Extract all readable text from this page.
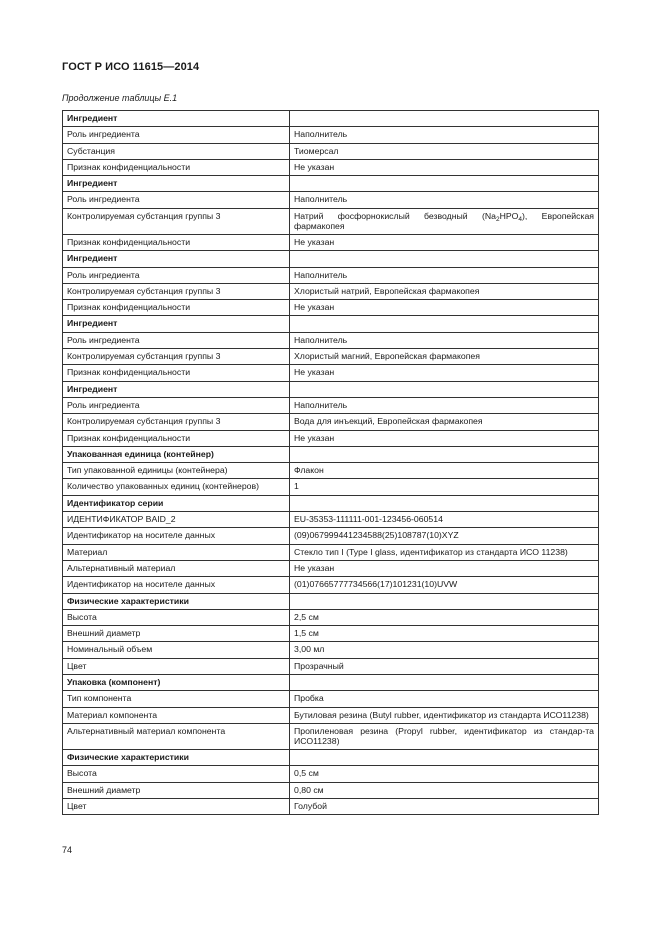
ГОСТ Р ИСО 11615—2014
Продолжение таблицы Е.1
Ингредиент	
Роль ингредиента	Наполнитель
Субстанция	Тиомерсал
Признак конфиденциальности	Не указан
Ингредиент	
Роль ингредиента	Наполнитель
Контролируемая субстанция группы 3	Натрий фосфорнокислый безводный $(Na_2HPO_4)$, Европейская фармакопея
Признак конфиденциальности	Не указан
Ингредиент	
Роль ингредиента	Наполнитель
Контролируемая субстанция группы 3	Хлористый натрий, Европейская фармакопея
Признак конфиденциальности	Не указан
Ингредиент	
Роль ингредиента	Наполнитель
Контролируемая субстанция группы 3	Хлористый магний, Европейская фармакопея
Признак конфиденциальности	Не указан
Ингредиент	
Роль ингредиента	Наполнитель
Контролируемая субстанция группы 3	Вода для инъекций, Европейская фармакопея
Признак конфиденциальности	Не указан
Упакованная единица (контейнер)	
Тип упакованной единицы (контейнера)	Флакон
Количество упакованных единиц (контейнеров)	1
Идентификатор серии	
ИДЕНТИФИКАТОР BAID_2	EU-35353-111111-001-123456-060514
Идентификатор на носителе данных	(09)067999441234588(25)108787(10)XYZ
Материал	Стекло тип I (Type I glass, идентификатор из стандарта ИСО 11238)
Альтернативный материал	Не указан
Идентификатор на носителе данных	(01)07665777734566(17)101231(10)UVW
Физические характеристики	
Высота	2,5 см
Внешний диаметр	1,5 см
Номинальный объем	3,00 мл
Цвет	Прозрачный
Упаковка (компонент)	
Тип компонента	Пробка
Материал компонента	Бутиловая резина (Butyl rubber, идентификатор из стандарта ИСО11238)
Альтернативный материал компонента	Пропиленовая резина (Propyl rubber, идентификатор из стандар-та ИСО11238)
Физические характеристики	
Высота	0,5 см
Внешний диаметр	0,80 см
Цвет	Голубой
74
